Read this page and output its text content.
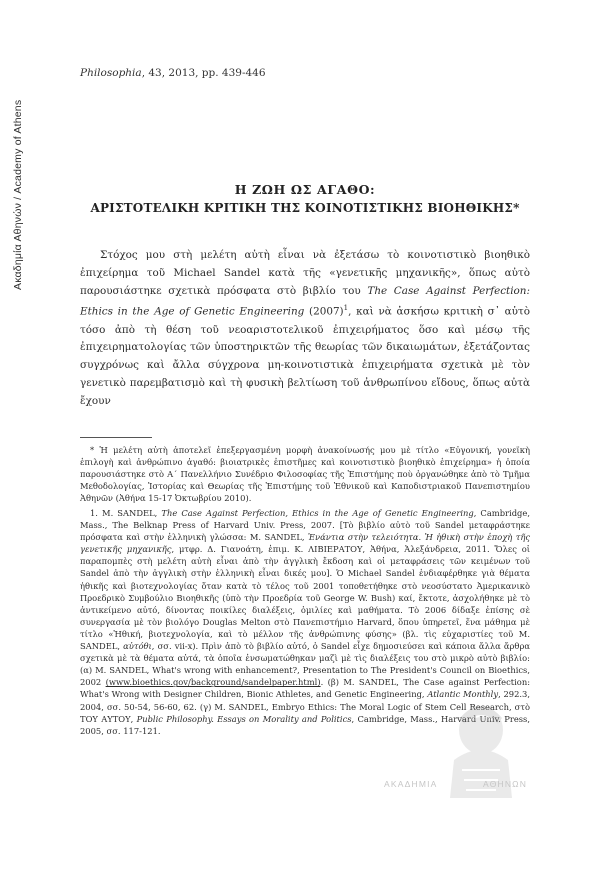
Ακαδημία Αθηνών / Academy of Athens
Philosophia, 43, 2013, pp. 439-446
Η ΖΩΗ ΩΣ ΑΓΑΘΟ:
ΑΡΙΣΤΟΤΕΛΙΚΗ ΚΡΙΤΙΚΗ ΤΗΣ ΚΟΙΝΟΤΙΣΤΙΚΗΣ ΒΙΟΗΘΙΚΗΣ*

Στόχος μου στὴ μελέτη αὐτὴ εἶναι νὰ ἐξετάσω τὸ κοινοτιστικὸ βιοηθικὸ ἐπιχείρημα τοῦ Michael Sandel κατὰ τῆς «γενετικῆς μηχανικῆς», ὅπως αὐτὸ παρουσιάστηκε σχετικὰ πρόσφατα στὸ βιβλίο του The Case Against Perfection: Ethics in the Age of Genetic Engineering $(2007)^1$, καὶ νὰ ἀσκήσω κριτικὴ σ᾽ αὐτὸ τόσο ἀπὸ τὴ θέση τοῦ νεοαριστοτελικοῦ ἐπιχειρήματος ὅσο καὶ μέσῳ τῆς ἐπιχειρηματολογίας τῶν ὑποστηρικτῶν τῆς θεωρίας τῶν δικαιωμάτων, ἐξετάζοντας συγχρόνως καὶ ἄλλα σύγχρονα μη-κοινοτιστικὰ ἐπιχειρήματα σχετικὰ μὲ τὸν γενετικὸ παρεμβατισμὸ καὶ τὴ φυσικὴ βελτίωση τοῦ ἀνθρωπίνου εἴδους, ὅπως αὐτὰ ἔχουν

* Ἡ μελέτη αὐτὴ ἀποτελεῖ ἐπεξεργασμένη μορφὴ ἀνακοίνωσής μου μὲ τίτλο «Εὐγονική, γονεϊκὴ ἐπιλογὴ καὶ ἀνθρώπινο ἀγαθό: βιοιατρικὲς ἐπιστῆμες καὶ κοινοτιστικὸ βιοηθικὸ ἐπιχείρημα» ἡ ὁποία παρουσιάστηκε στὸ Α΄ Πανελλήνιο Συνέδριο Φιλοσοφίας τῆς Ἐπιστήμης ποὺ ὀργανώθηκε ἀπὸ τὸ Τμῆμα Μεθοδολογίας, Ἱστορίας καὶ Θεωρίας τῆς Ἐπιστήμης τοῦ Ἐθνικοῦ καὶ Καποδιστριακοῦ Πανεπιστημίου Ἀθηνῶν (Ἀθήνα 15-17 Ὀκτωβρίου 2010).

1. M. SANDEL, The Case Against Perfection, Ethics in the Age of Genetic Engineering, Cambridge, Mass., The Belknap Press of Harvard Univ. Press, 2007. [Τὸ βιβλίο αὐτὸ τοῦ Sandel μεταφράστηκε πρόσφατα καὶ στὴν ἑλληνικὴ γλώσσα: M. SANDEL, Ἐνάντια στὴν τελειότητα. Ἡ ἠθικὴ στὴν ἐποχὴ τῆς γενετικῆς μηχανικῆς, μτφρ. Δ. Γιανοάτη, ἐπιμ. Κ. ΛΙΒΙΕΡΑΤΟΥ, Ἀθήνα, Ἀλεξάνδρεια, 2011. Ὅλες οἱ παραπομπὲς στὴ μελέτη αὐτὴ εἶναι ἀπὸ τὴν ἀγγλικὴ ἔκδοση καὶ οἱ μεταφράσεις τῶν κειμένων τοῦ Sandel ἀπὸ τὴν ἀγγλικὴ στὴν ἑλληνικὴ εἶναι δικές μου]. Ὁ Michael Sandel ἐνδιαφέρθηκε γιὰ θέματα ἠθικῆς καὶ βιοτεχνολογίας ὅταν κατὰ τὸ τέλος τοῦ 2001 τοποθετήθηκε στὸ νεοσύστατο Ἀμερικανικὸ Προεδρικὸ Συμβούλιο Βιοηθικῆς (ὑπὸ τὴν Προεδρία τοῦ George W. Bush) καί, ἔκτοτε, ἀσχολήθηκε μὲ τὸ ἀντικείμενο αὐτό, δίνοντας ποικίλες διαλέξεις, ὁμιλίες καὶ μαθήματα. Τὸ 2006 δίδαξε ἐπίσης σὲ συνεργασία μὲ τὸν βιολόγο Douglas Melton στὸ Πανεπιστήμιο Harvard, ὅπου ὑπηρετεῖ, ἕνα μάθημα μὲ τίτλο «Ἠθική, βιοτεχνολογία, καὶ τὸ μέλλον τῆς ἀνθρώπινης φύσης» (βλ. τὶς εὐχαριστίες τοῦ M. SANDEL, αὐτόθι, σσ. vii-x). Πρὶν ἀπὸ τὸ βιβλίο αὐτό, ὁ Sandel εἶχε δημοσιεύσει καὶ κάποια ἄλλα ἄρθρα σχετικὰ μὲ τὰ θέματα αὐτά, τὰ ὁποῖα ἐνσωματώθηκαν μαζὶ μὲ τὶς διαλέξεις του στὸ μικρὸ αὐτὸ βιβλίο: (α) M. SANDEL, What's wrong with enhancement?, Presentation to The President's Council on Bioethics, 2002 (www.bioethics.gov/background/sandelpaper.html). (β) M. SANDEL, The Case against Perfection: What's Wrong with Designer Children, Bionic Athletes, and Genetic Engineering, Atlantic Monthly, 292.3, 2004, σσ. 50-54, 56-60, 62. (γ) M. SANDEL, Embryo Ethics: The Moral Logic of Stem Cell Research, στὸ ΤΟΥ ΑΥΤΟΥ, Public Philosophy. Essays on Morality and Politics, Cambridge, Mass., Harvard Univ. Press, 2005, σσ. 117-121.

ΑΚΑΔΗΜΙΑ	ΑΘΗΝΩΝ
